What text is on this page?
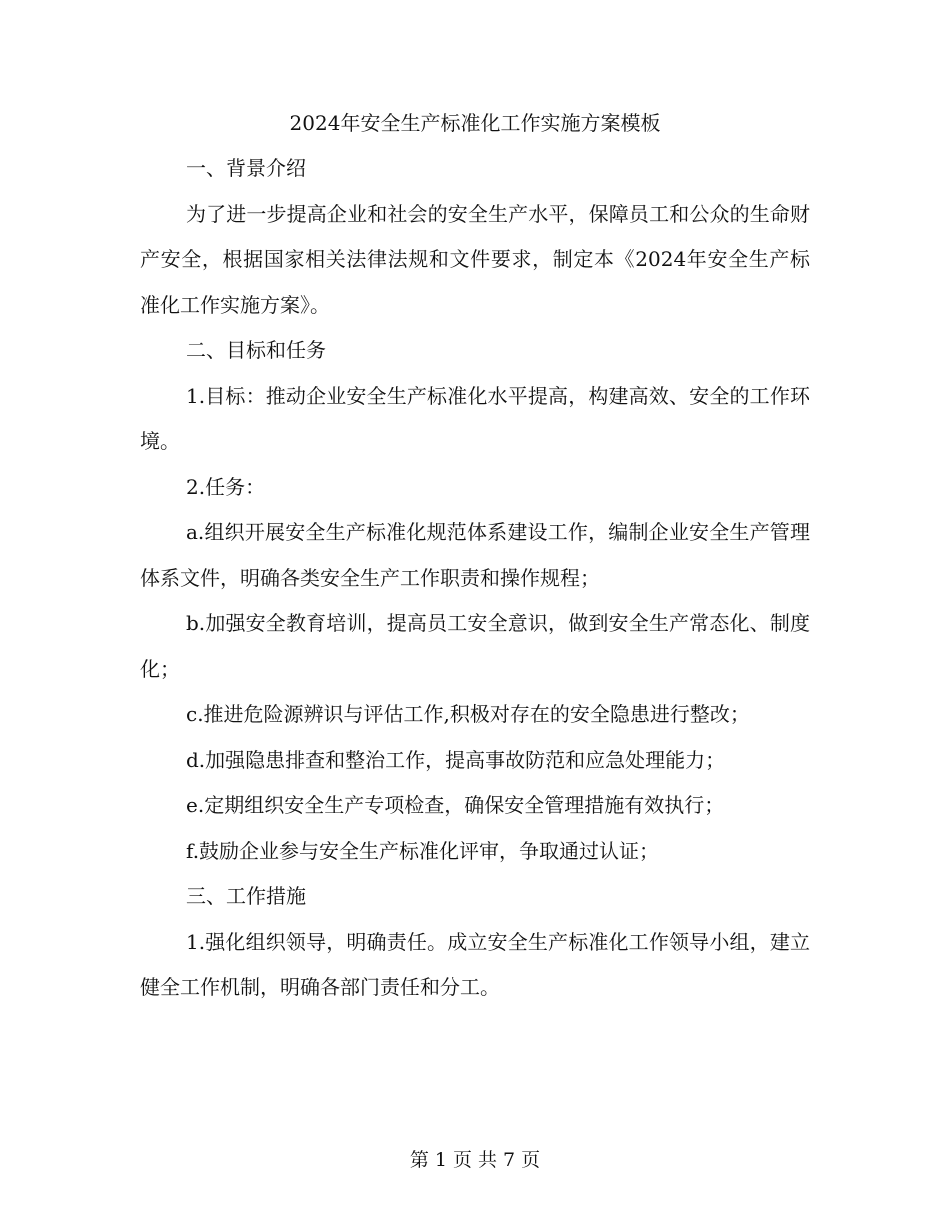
2024年安全生产标准化工作实施方案模板

一、背景介绍

为了进一步提高企业和社会的安全生产水平，保障员工和公众的生命财产安全，根据国家相关法律法规和文件要求，制定本《2024年安全生产标准化工作实施方案》。

二、目标和任务

1.目标：推动企业安全生产标准化水平提高，构建高效、安全的工作环境。

2.任务：

a.组织开展安全生产标准化规范体系建设工作，编制企业安全生产管理体系文件，明确各类安全生产工作职责和操作规程；

b.加强安全教育培训，提高员工安全意识，做到安全生产常态化、制度化；

c.推进危险源辨识与评估工作,积极对存在的安全隐患进行整改；

d.加强隐患排查和整治工作，提高事故防范和应急处理能力；

e.定期组织安全生产专项检查，确保安全管理措施有效执行；

f.鼓励企业参与安全生产标准化评审，争取通过认证；

三、工作措施

1.强化组织领导，明确责任。成立安全生产标准化工作领导小组，建立健全工作机制，明确各部门责任和分工。

第 1 页 共 7 页
